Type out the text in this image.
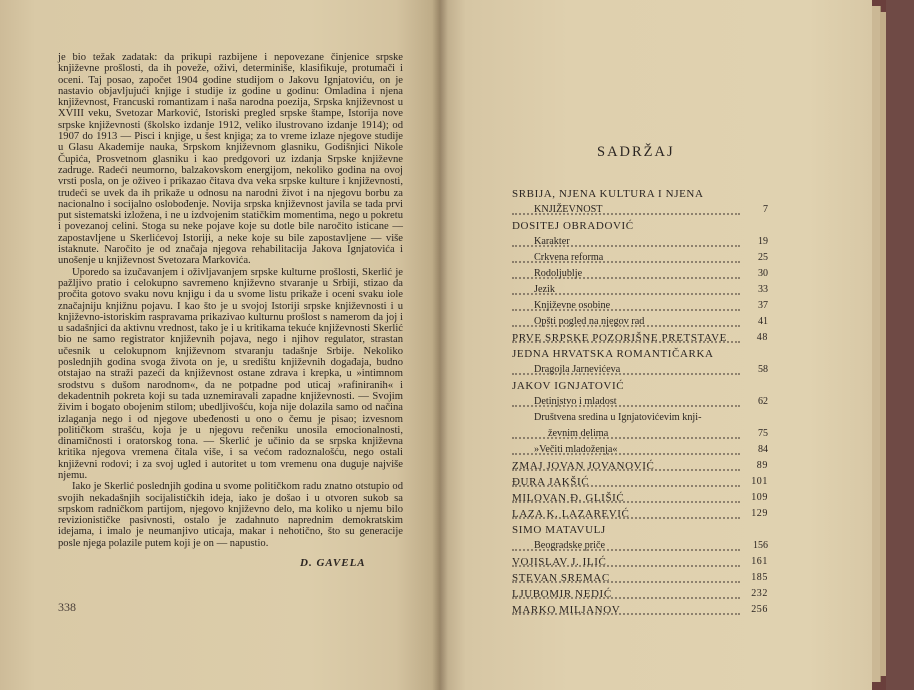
je bio težak zadatak: da prikupi razbijene i nepovezane činjenice srpske književne prošlosti, da ih poveže, oživi, determiniše, klasifikuje, protumači i oceni. Taj posao, započet 1904 godine studijom o Jakovu Ignjatoviću, on je nastavio objavljujući knjige i studije iz godine u godinu: Omladina i njena književnost, Francuski romantizam i naša narodna poezija, Srpska književnost u XVIII veku, Svetozar Marković, Istoriski pregled srpske štampe, Istorija nove srpske književnosti (školsko izdanje 1912, veliko ilustrovano izdanje 1914); od 1907 do 1913 — Pisci i knjige, u šest knjiga; za to vreme izlaze njegove studije u Glasu Akademije nauka, Srpskom književnom glasniku, Godišnjici Nikole Čupića, Prosvetnom glasniku i kao predgovori uz izdanja Srpske književne zadruge. Radeći neumorno, balzakovskom energijom, nekoliko godina na ovoj vrsti posla, on je oživeo i prikazao čitava dva veka srpske kulture i književnosti, trudeći se uvek da ih prikaže u odnosu na narodni život i na njegovu borbu za nacionalno i socijalno oslobođenje. Novija srpska književnost javila se tada prvi put sistematski izložena, i ne u izdvojenim statičkim momentima, nego u pokretu i povezanoj celini. Stoga su neke pojave koje su dotle bile naročito isticane — zapostavljene u Skerlićevoj Istoriji, a neke koje su bile zapostavljene — više istaknute. Naročito je od značaja njegova rehabilitacija Jakova Ignjatovića i unošenje u književnost Svetozara Markovića.

Uporedo sa izučavanjem i oživljavanjem srpske kulturne prošlosti, Skerlić je pažljivo pratio i celokupno savremeno književno stvaranje u Srbiji, stizao da pročita gotovo svaku novu knjigu i da u svome listu prikaže i oceni svaku iole značajniju knjižnu pojavu. I kao što je u svojoj Istoriji srpske književnosti i u književno-istoriskim raspravama prikazivao kulturnu prošlost s namerom da joj i u sadašnjici da aktivnu vrednost, tako je i u kritikama tekuće književnosti Skerlić bio ne samo registrator književnih pojava, nego i njihov regulator, strastan učesnik u celokupnom književnom stvaranju tadašnje Srbije. Nekoliko poslednjih godina svoga života on je, u središtu književnih događaja, budno otstajao na straži pazeći da književnost ostane zdrava i krepka, u »intimnom srodstvu s dušom narodnom«, da ne potpadne pod uticaj »rafiniranih« i dekadentnih pokreta koji su tada uznemiravali zapadne književnosti. — Svojim živim i bogato obojenim stilom; ubedljivošću, koja nije dolazila samo od načina izlaganja nego i od njegove ubeđenosti u ono o čemu je pisao; izvesnom političkom strašću, koja je u njegovu rečeniku unosila emocionalnosti, dinamičnosti i oratorskog tona. — Skerlić je učinio da se srpska književna kritika njegova vremena čitala više, i sa većom radoznalošću, nego ostali književni rodovi; i za svoj ugled i autoritet u tom vremenu ona duguje najviše njemu.

Iako je Skerlić poslednjih godina u svome političkom radu znatno otstupio od svojih nekadašnjih socijalističkih ideja, iako je došao i u otvoren sukob sa srpskom radničkom partijom, njegovo književno delo, ma koliko u njemu bilo revizionističke pasivnosti, ostalo je zadahnuto naprednim demokratskim idejama, i imalo je neumanjivo uticaja, makar i nehotično, što su generacije posle njega polazile putem koji je on — napustio.

D. GAVELA
338
SADRŽAJ
SRBIJA, NJENA KULTURA I NJENA
KNJIŽEVNOST	7
DOSITEJ OBRADOVIĆ
Karakter	19
Crkvena reforma	25
Rodoljublje	30
Jezik	33
Književne osobine	37
Opšti pogled na njegov rad	41
PRVE SRPSKE POZORIŠNE PRETSTAVE	48
JEDNA HRVATSKA ROMANTIČARKA
Dragojla Jarnevićeva	58
JAKOV IGNJATOVIĆ
Detinjstvo i mladost	62
Društvena sredina u Ignjatovićevim knji-
ževnim delima	75
»Večiti mladoženja«	84
ZMAJ JOVAN JOVANOVIĆ	89
ĐURA JAKŠIĆ	101
MILOVAN Đ. GLIŠIĆ	109
LAZA K. LAZAREVIĆ	129
SIMO MATAVULJ
Beogradske priče	156
VOJISLAV J. ILIĆ	161
STEVAN SREMAC	185
LJUBOMIR NEDIĆ	232
MARKO MILJANOV	256
